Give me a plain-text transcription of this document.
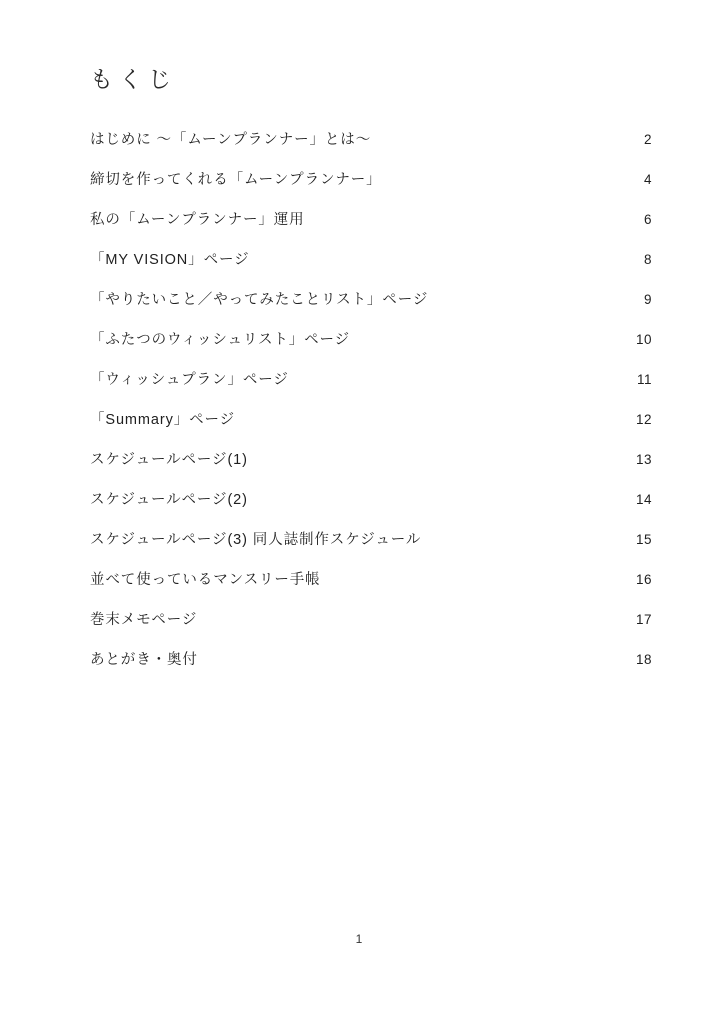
もくじ
はじめに ～「ムーンプランナー」とは～	2
締切を作ってくれる「ムーンプランナー」	4
私の「ムーンプランナー」運用	6
「MY VISION」ページ	8
「やりたいこと／やってみたことリスト」ページ	9
「ふたつのウィッシュリスト」ページ	10
「ウィッシュプラン」ページ	11
「Summary」ページ	12
スケジュールページ(1)	13
スケジュールページ(2)	14
スケジュールページ(3) 同人誌制作スケジュール	15
並べて使っているマンスリー手帳	16
巻末メモページ	17
あとがき・奥付	18
1
